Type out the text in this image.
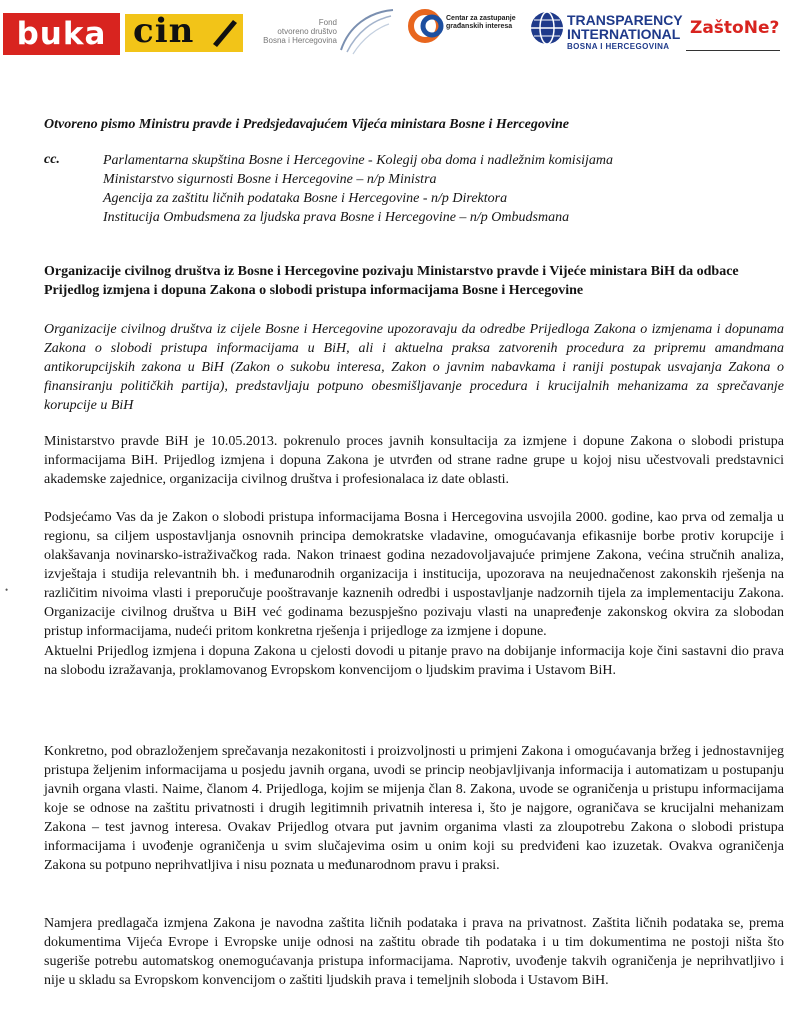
buka cin	Fond
otvoreno društvo
Bosna i Hercegovina
Centar za zastupanje
građanskih interesa	TRANSPARENCY
INTERNATIONAL
BOSNA I HERCEGOVINA
ZaštoNe?
Otvoreno pismo Ministru pravde i Predsjedavajućem Vijeća ministara Bosne i Hercegovine
cc.	Parlamentarna skupština Bosne i Hercegovine - Kolegij oba doma i nadležnim komisijama
Ministarstvo sigurnosti Bosne i Hercegovine – n/p Ministra
Agencija za zaštitu ličnih podataka Bosne i Hercegovine - n/p Direktora
Institucija Ombudsmena za ljudska prava Bosne i Hercegovine – n/p Ombudsmana
Organizacije civilnog društva iz Bosne i Hercegovine pozivaju Ministarstvo pravde i Vijeće ministara BiH da odbace Prijedlog izmjena i dopuna Zakona o slobodi pristupa informacijama Bosne i Hercegovine

Organizacije civilnog društva iz cijele Bosne i Hercegovine upozoravaju da odredbe Prijedloga Zakona o izmjenama i dopunama Zakona o slobodi pristupa informacijama u BiH, ali i aktuelna praksa zatvorenih procedura za pripremu amandmana antikorupcijskih zakona u BiH (Zakon o sukobu interesa, Zakon o javnim nabavkama i raniji postupak usvajanja Zakona o finansiranju političkih partija), predstavljaju potpuno obesmišljavanje procedura i krucijalnih mehanizama za sprečavanje korupcije u BiH

Ministarstvo pravde BiH je 10.05.2013. pokrenulo proces javnih konsultacija za izmjene i dopune Zakona o slobodi pristupa informacijama BiH. Prijedlog izmjena i dopuna Zakona je utvrđen od strane radne grupe u kojoj nisu učestvovali predstavnici akademske zajednice, organizacija civilnog društva i profesionalaca iz date oblasti.

Podsjećamo Vas da je Zakon o slobodi pristupa informacijama Bosna i Hercegovina usvojila 2000. godine, kao prva od zemalja u regionu, sa ciljem uspostavljanja osnovnih principa demokratske vladavine, omogućavanja efikasnije borbe protiv korupcije i olakšavanja novinarsko-istraživačkog rada. Nakon trinaest godina nezadovoljavajuće primjene Zakona, većina stručnih analiza, izvještaja i studija relevantnih bh. i međunarodnih organizacija i institucija, upozorava na neujednačenost zakonskih rješenja na različitim nivoima vlasti i preporučuje pooštravanje kaznenih odredbi i uspostavljanje nadzornih tijela za implementaciju Zakona. Organizacije civilnog društva u BiH već godinama bezuspješno pozivaju vlasti na unapređenje zakonskog okvira za slobodan pristup informacijama, nudeći pritom konkretna rješenja i prijedloge za izmjene i dopune.

•

Aktuelni Prijedlog izmjena i dopuna Zakona u cjelosti dovodi u pitanje pravo na dobijanje informacija koje čini sastavni dio prava na slobodu izražavanja, proklamovanog Evropskom konvencijom o ljudskim pravima i Ustavom BiH.

Konkretno, pod obrazloženjem sprečavanja nezakonitosti i proizvoljnosti u primjeni Zakona i omogućavanja bržeg i jednostavnijeg pristupa željenim informacijama u posjedu javnih organa, uvodi se princip neobjavljivanja informacija i automatizam u postupanju javnih organa vlasti. Naime, članom 4. Prijedloga, kojim se mijenja član 8. Zakona, uvode se ograničenja u pristupu informacijama koje se odnose na zaštitu privatnosti i drugih legitimnih privatnih interesa i, što je najgore, ograničava se krucijalni mehanizam Zakona – test javnog interesa. Ovakav Prijedlog otvara put javnim organima vlasti za zloupotrebu Zakona o slobodi pristupa informacijama i uvođenje ograničenja u svim slučajevima osim u onim koji su predviđeni kao izuzetak. Ovakva ograničenja Zakona su potpuno neprihvatljiva i nisu poznata u međunarodnom pravu i praksi.

Namjera predlagača izmjena Zakona je navodna zaštita ličnih podataka i prava na privatnost. Zaštita ličnih podataka se, prema dokumentima Vijeća Evrope i Evropske unije odnosi na zaštitu obrade tih podataka i u tim dokumentima ne postoji ništa što sugeriše potrebu automatskog onemogućavanja pristupa informacijama. Naprotiv, uvođenje takvih ograničenja je neprihvatljivo i nije u skladu sa Evropskom konvencijom o zaštiti ljudskih prava i temeljnih sloboda i Ustavom BiH.
